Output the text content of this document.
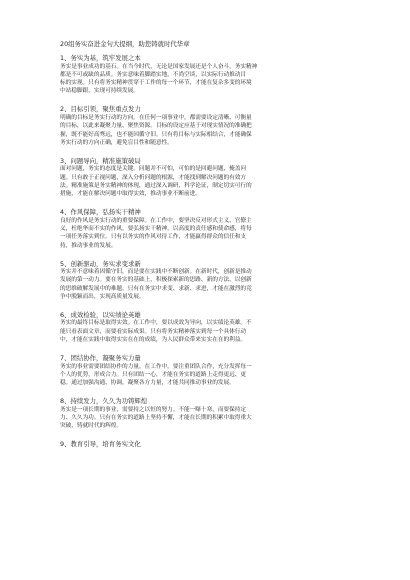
20组务实奋进金句大提纲，助您铸就时代华章
1、务实为基，筑牢发展之本
务实是事业成功的基石。在当今时代，无论是国家发展还是个人奋斗，务实精神
都是不可或缺的品质。务实意味着脚踏实地，不尚空谈，以实际行动推动目
标的实现。只有将务实精神贯穿于工作的每一个环节，才能在复杂多变的环境
中站稳脚跟，实现可持续发展。
2、目标引领，聚焦重点发力
明确的目标是务实行动的方向。在任何一项事业中，都需要设定清晰、可衡量
的目标，以此来凝聚力量、聚焦资源。目标的设定应基于对现实情况的准确把
握，既不能好高骛远，也不能因循守旧。只有将目标与实际相结合，才能确保
务实行动的方向正确，避免盲目性和随意性。
3、问题导向，精准施策破局
面对问题，务实的态度是关键。问题并不可怕，可怕的是回避问题、掩盖问
题。只有敢于正视问题，深入分析问题的根源，才能找到解决问题的有效方
法。精准施策是务实精神的体现，通过深入调研、科学论证，制定切实可行的
措施，才能在解决问题中取得实效，推动事业不断前进。
4、作风保障，弘扬实干精神
良好的作风是务实行动的重要保障。在工作中，要坚决反对形式主义、官僚主
义，杜绝华而不实的作风。要弘扬实干精神，以高度的责任感和使命感，将每
一项任务落实到位。只有以务实的作风对待工作，才能赢得群众的信任和支
持，推动事业的发展。
5、创新驱动，务实求变求新
务实并不意味着因循守旧，而是要在实践中不断创新。在新时代，创新是推动
发展的第一动力。要在务实的基础上，积极探索新的思路、新的方法，以创新
的思维破解发展中的难题。只有在务实中求变、求新、求进，才能在激烈的竞
争中脱颖而出，实现高质量发展。
6、成效检验，以实绩论英雄
务实的最终目标是取得实效。在工作中，要以成效为导向，以实绩论英雄。不
能只看表面文章，而要看实际成果。只有将务实精神落实到每一个具体行动
中，才能在实践中取得实实在在的成绩，为人民群众带来实实在在的利益。
7、团结协作，凝聚务实力量
务实的事业需要团结协作的力量。在工作中，要注重团队合作，充分发挥每一
个人的优势，形成合力。只有团结一心，才能在务实的道路上走得更远、更
稳。通过加强沟通、协调，凝聚各方力量，才能共同推动事业的发展。
8、持续发力，久久为功铸辉煌
务实是一项长期的事业，需要持之以恒的努力。不能一曝十寒，而要保持定
力、久久为功。只有在务实的道路上坚持不懈，才能在长期的积累中取得重大
突破，铸就时代的辉煌。
9、教育引导，培育务实文化
